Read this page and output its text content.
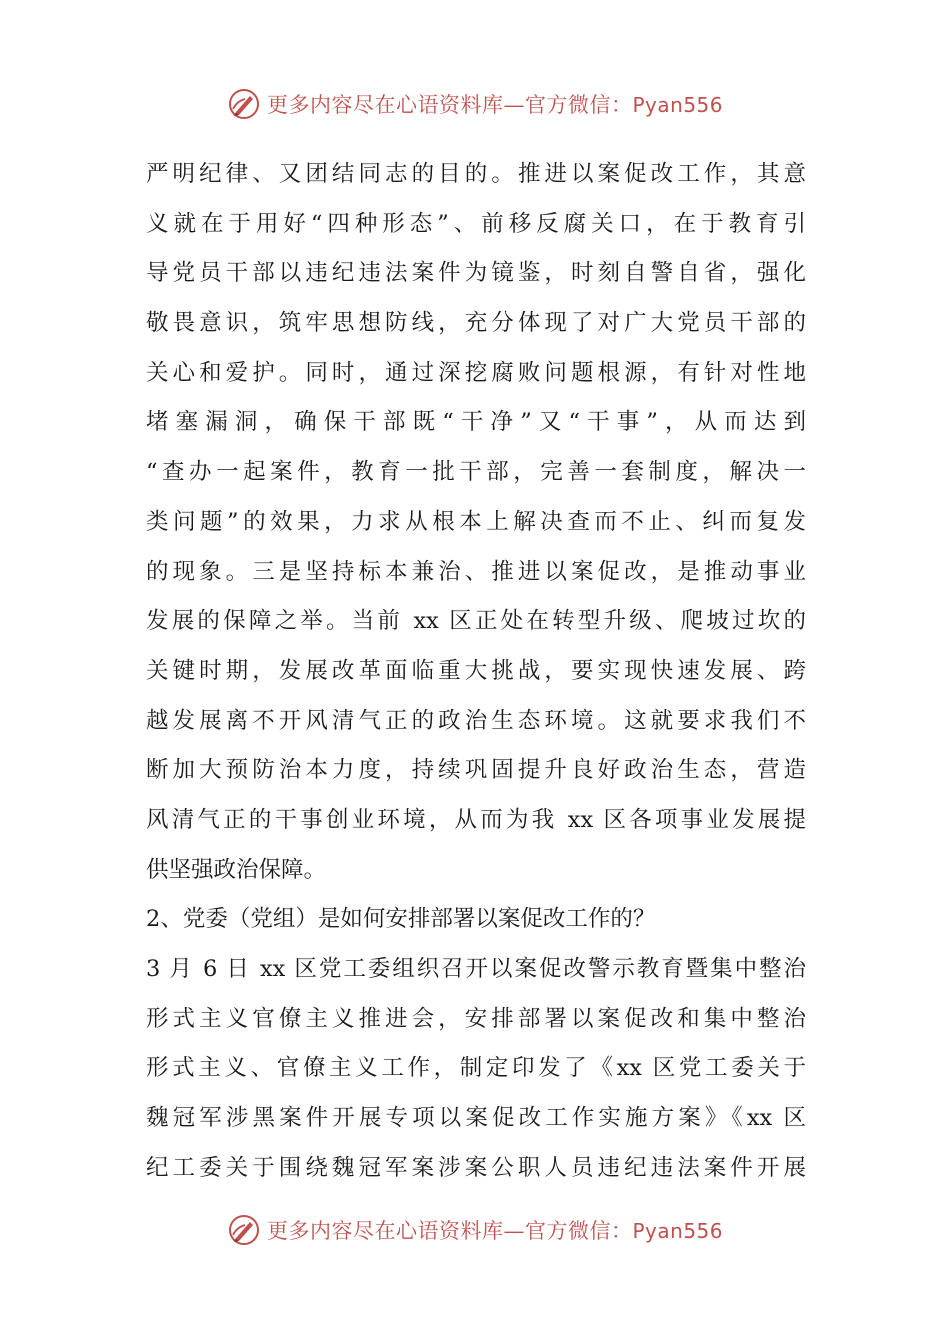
更多内容尽在心语资料库—官方微信：Pyan556
严明纪律、又团结同志的目的。推进以案促改工作，其意
义就在于用好“四种形态”、前移反腐关口，在于教育引
导党员干部以违纪违法案件为镜鉴，时刻自警自省，强化
敬畏意识，筑牢思想防线，充分体现了对广大党员干部的
关心和爱护。同时，通过深挖腐败问题根源，有针对性地
堵塞漏洞，确保干部既“干净”又“干事”，从而达到
“查办一起案件，教育一批干部，完善一套制度，解决一
类问题”的效果，力求从根本上解决查而不止、纠而复发
的现象。三是坚持标本兼治、推进以案促改，是推动事业
发展的保障之举。当前 xx 区正处在转型升级、爬坡过坎的
关键时期，发展改革面临重大挑战，要实现快速发展、跨
越发展离不开风清气正的政治生态环境。这就要求我们不
断加大预防治本力度，持续巩固提升良好政治生态，营造
风清气正的干事创业环境，从而为我 xx 区各项事业发展提
供坚强政治保障。
2、党委（党组）是如何安排部署以案促改工作的？
3 月 6 日 xx 区党工委组织召开以案促改警示教育暨集中整治
形式主义官僚主义推进会，安排部署以案促改和集中整治
形式主义、官僚主义工作，制定印发了《xx 区党工委关于
魏冠军涉黑案件开展专项以案促改工作实施方案》《xx 区
纪工委关于围绕魏冠军案涉案公职人员违纪违法案件开展
更多内容尽在心语资料库—官方微信：Pyan556
